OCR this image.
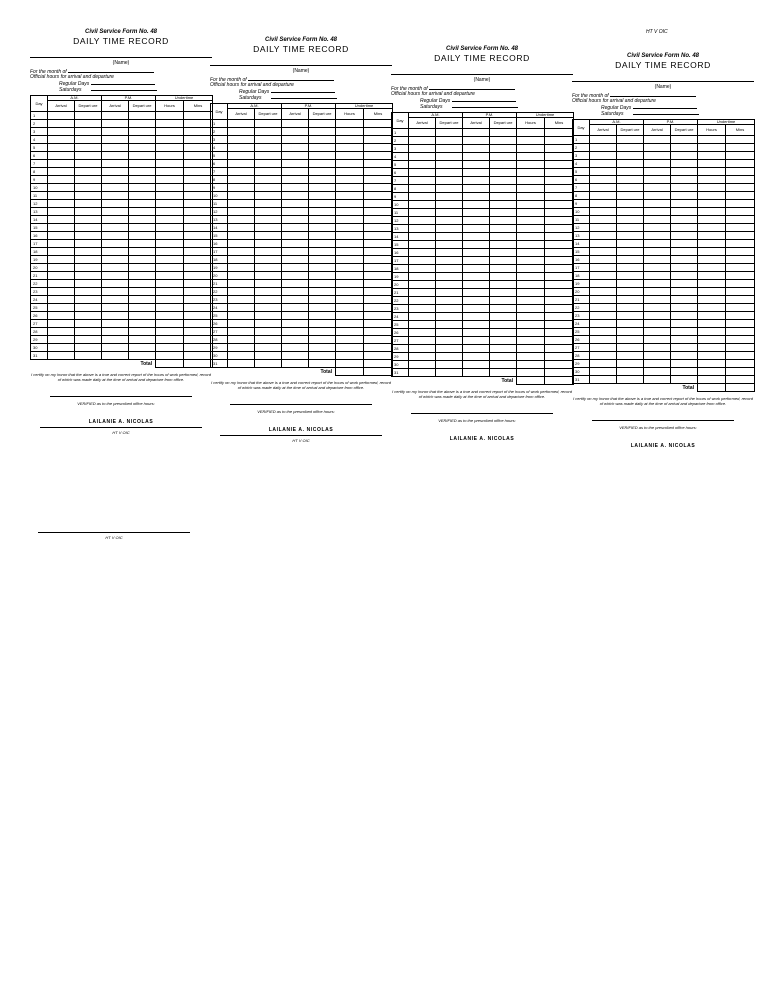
HT V OIC
Civil Service Form No. 48
DAILY TIME RECORD
(Name)
For the month of
Official hours for arrival and departure
Regular Days
Saturdays
Day	A.M.		P.M.		Undertime	
	Arrival	Depart ure	Arrival	Depart ure	Hours	Mins
1						
2						
3						
4						
5						
6						
7						
8						
9						
10						
11						
12						
13						
14						
15						
16						
17						
18						
19						
20						
21						
22						
23						
24						
25						
26						
27						
28						
29						
30						
31						

Total						

I certify on my honor that the above is a true and correct report of the hours of work performed, record of which was made daily at the time of arrival and departure from office.
VERIFIED as to the prescribed office hours:
LAILANIE A. NICOLAS
HT V OIC
Civil Service Form No. 48
DAILY TIME RECORD
(Name)
For the month of
Official hours for arrival and departure
Regular Days
Saturdays
Day	A.M.		P.M.		Undertime	
	Arrival	Depart ure	Arrival	Depart ure	Hours	Mins
1						
2						
3						
4						
5						
6						
7						
8						
9						
10						
11						
12						
13						
14						
15						
16						
17						
18						
19						
20						
21						
22						
23						
24						
25						
26						
27						
28						
29						
30						
31						

Total						

I certify on my honor that the above is a true and correct report of the hours of work performed, record of which was made daily at the time of arrival and departure from office.
VERIFIED as to the prescribed office hours:
LAILANIE A. NICOLAS
HT V OIC
Civil Service Form No. 48
DAILY TIME RECORD
(Name)
For the month of
Official hours for arrival and departure
Regular Days
Saturdays
Day	A.M.		P.M.		Undertime	
	Arrival	Depart ure	Arrival	Depart ure	Hours	Mins
1						
2						
3						
4						
5						
6						
7						
8						
9						
10						
11						
12						
13						
14						
15						
16						
17						
18						
19						
20						
21						
22						
23						
24						
25						
26						
27						
28						
29						
30						
31						

Total						

I certify on my honor that the above is a true and correct report of the hours of work performed, record of which was made daily at the time of arrival and departure from office.
VERIFIED as to the prescribed office hours:
LAILANIE A. NICOLAS
Civil Service Form No. 48
DAILY TIME RECORD
(Name)
For the month of
Official hours for arrival and departure
Regular Days
Saturdays
Day	A.M.		P.M.		Undertime	
	Arrival	Depart ure	Arrival	Depart ure	Hours	Mins
1						
2						
3						
4						
5						
6						
7						
8						
9						
10						
11						
12						
13						
14						
15						
16						
17						
18						
19						
20						
21						
22						
23						
24						
25						
26						
27						
28						
29						
30						
31						

Total						

I certify on my honor that the above is a true and correct report of the hours of work performed, record of which was made daily at the time of arrival and departure from office.
VERIFIED as to the prescribed office hours:
LAILANIE A. NICOLAS
HT V OIC
